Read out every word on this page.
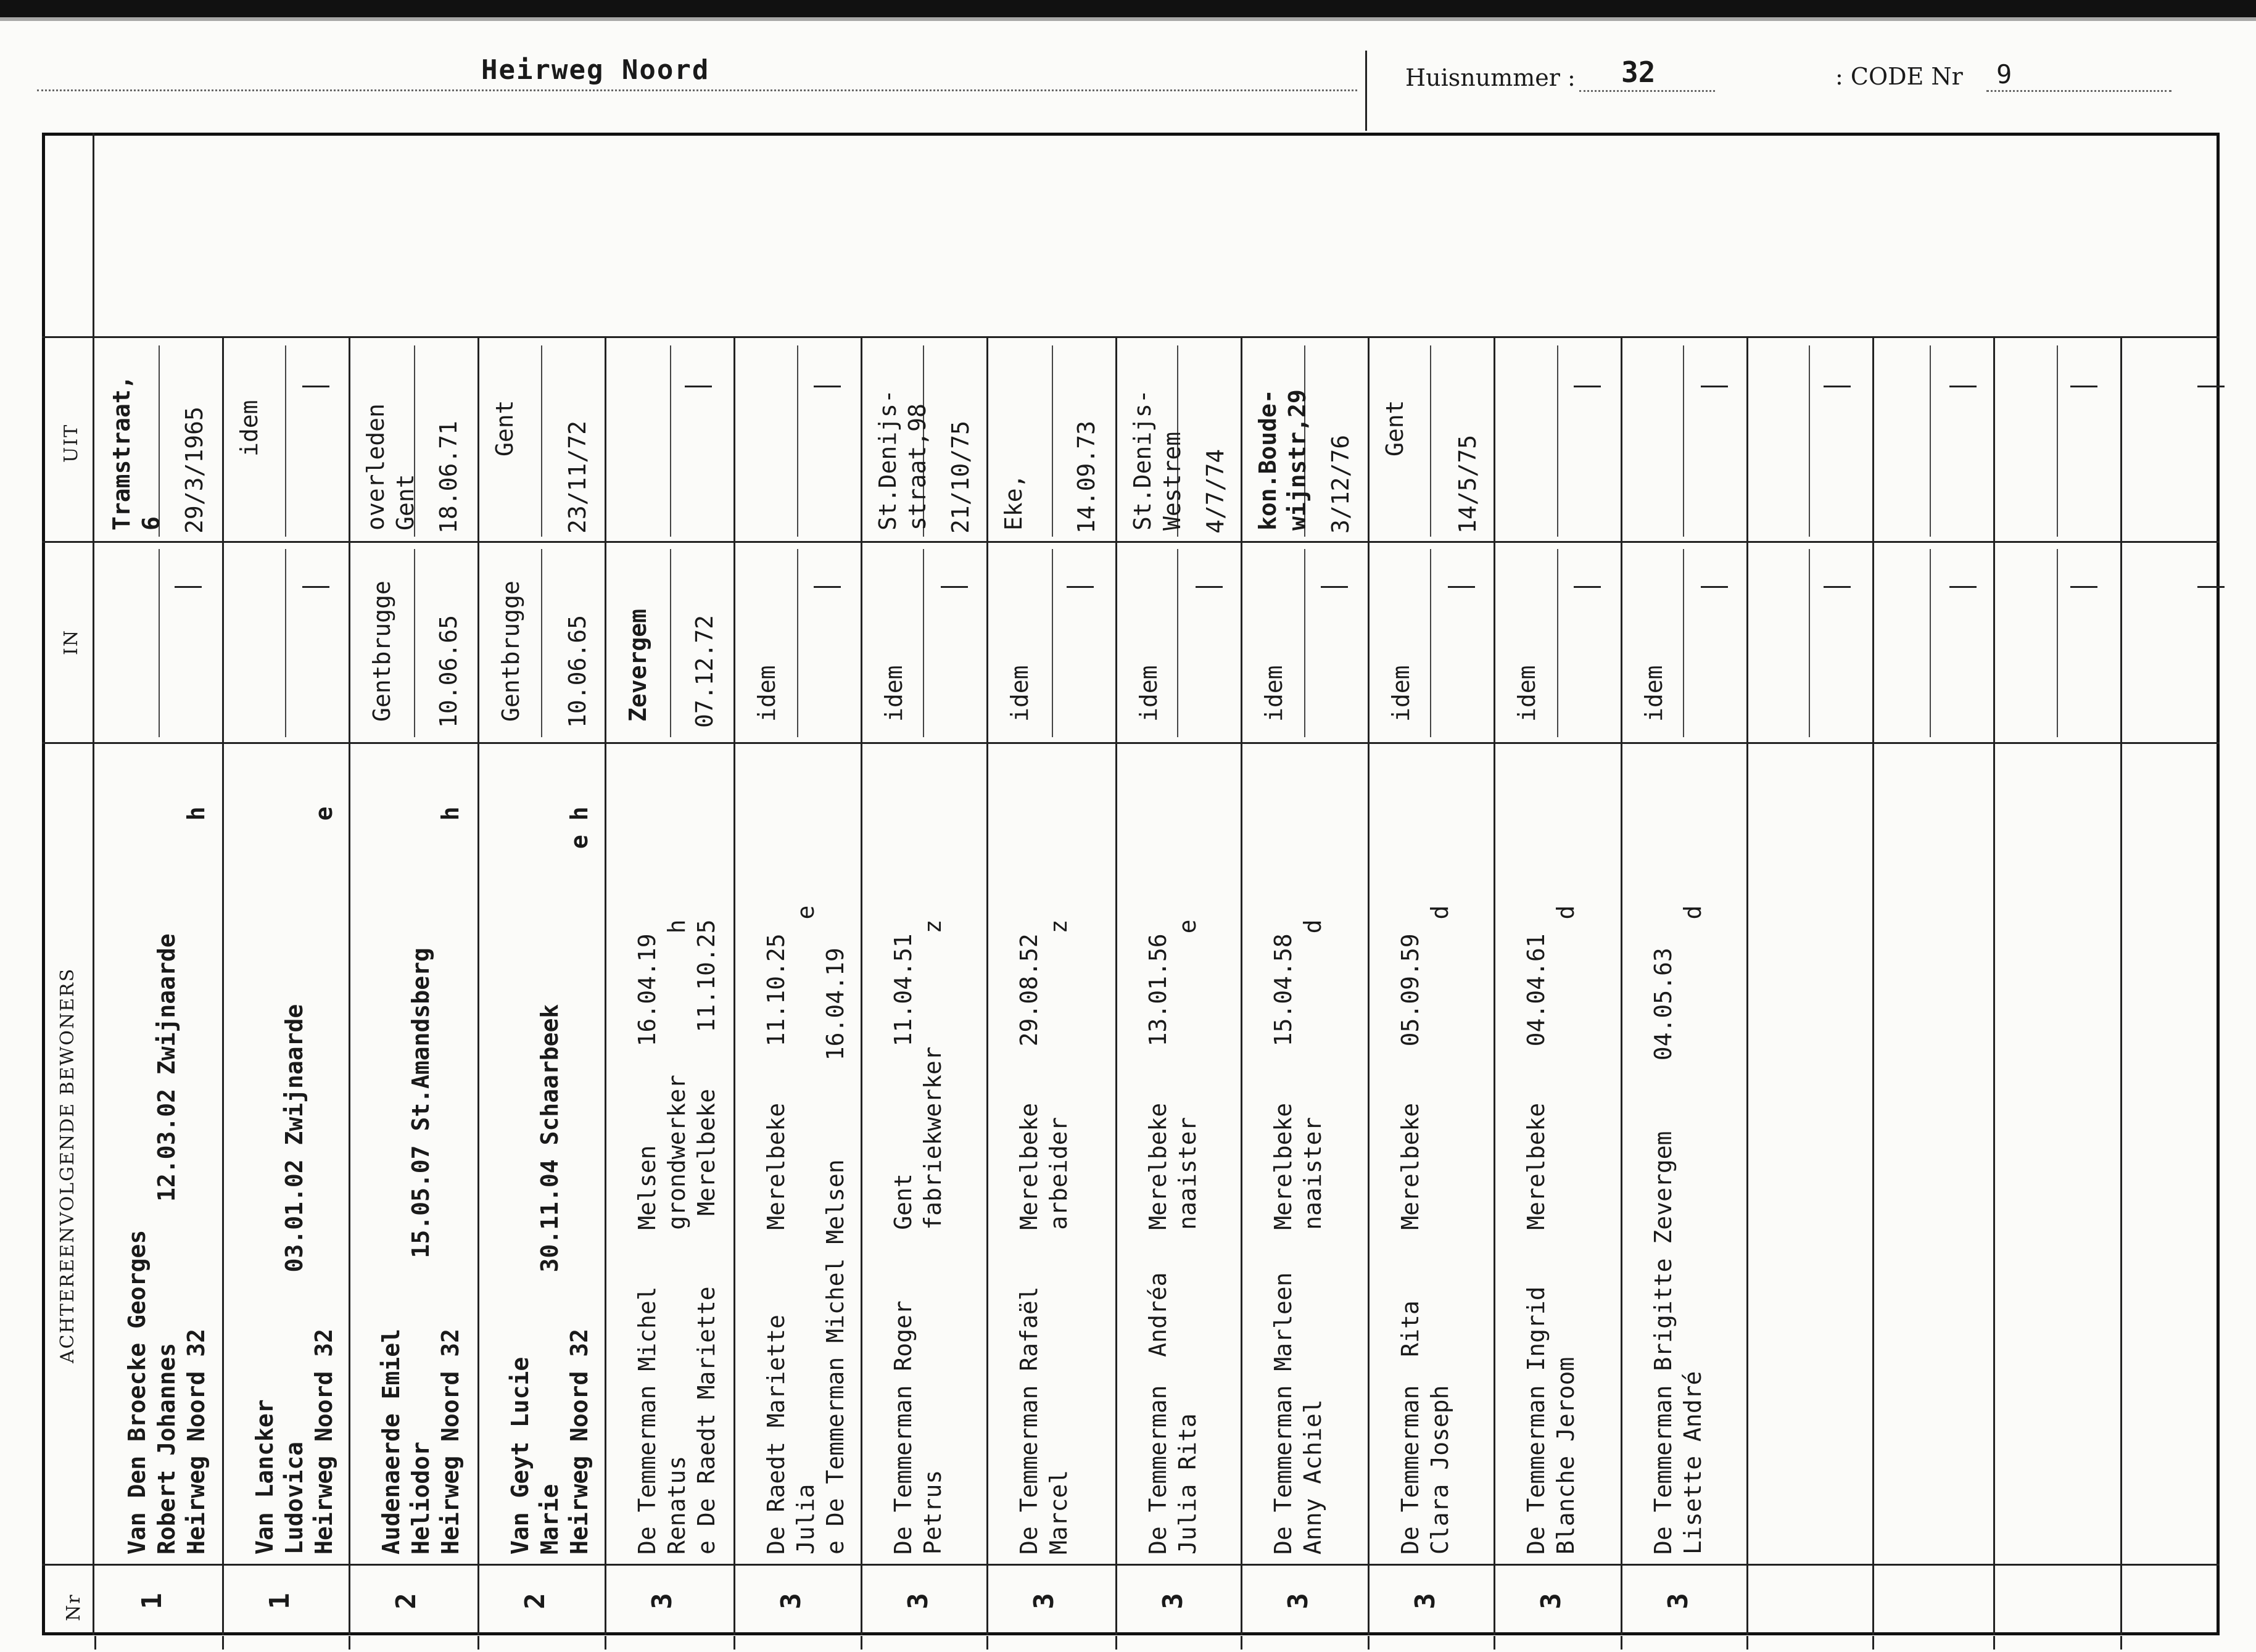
Heirweg Noord	Huisnummer : 32	: CODE Nr 9
Nr
ACHTEREENVOLGENDE BEWONERS
IN
UIT
1
Van Den Broecke Georges Robert Johannes          12.03.02 Zwijnaarde Heirweg Noord 32                                    h
Tramstraat, 6 29/3/1965
1
Van Lancker Ludovica            03.01.02 Zwijnaarde Heirweg Noord 32                                    e
idem
2
Audenaerde Emiel Heliodor             15.05.07 St.Amandsberg Heirweg Noord 32                                    h
Gentbrugge 10.06.65
overleden Gent 18.06.71
2
Van Geyt Lucie Marie               30.11.04 Schaarbeek Heirweg Noord 32                                  e h
Gentbrugge 10.06.65
Gent 23/11/72
3
De Temmerman Michel    Melsen       16.04.19 Renatus                grondwerker          h e De Raedt Mariette     Merelbeke    11.10.25
Zevergem 07.12.72
3
De Raedt Mariette      Merelbeke    11.10.25 Julia                                        e e De Temmerman Michel Melsen       16.04.19
idem
3
De Temmerman Roger     Gent         11.04.51 Petrus                 fabriekwerker        z
idem
St.Denijs- straat,98 21/10/75
3
De Temmerman Rafaël    Merelbeke    29.08.52 Marcel                 arbeider             z
idem
Eke, 14.09.73
3
De Temmerman  Andréa   Merelbeke    13.01.56 Julia Rita             naaister             e
idem
St.Denijs- Westrem 4/7/74
3
De Temmerman Marleen   Merelbeke    15.04.58 Anny Achiel            naaister             d
idem
kon.Boude- wijnstr,29 3/12/76
3
De Temmerman  Rita     Merelbeke    05.09.59 Clara Joseph                                 d
idem
Gent
14/5/75
3
De Temmerman Ingrid    Merelbeke    04.04.61 Blanche Jeroom                               d
idem
3
De Temmerman Brigitte Zevergem     04.05.63 Lisette André                                d
idem
